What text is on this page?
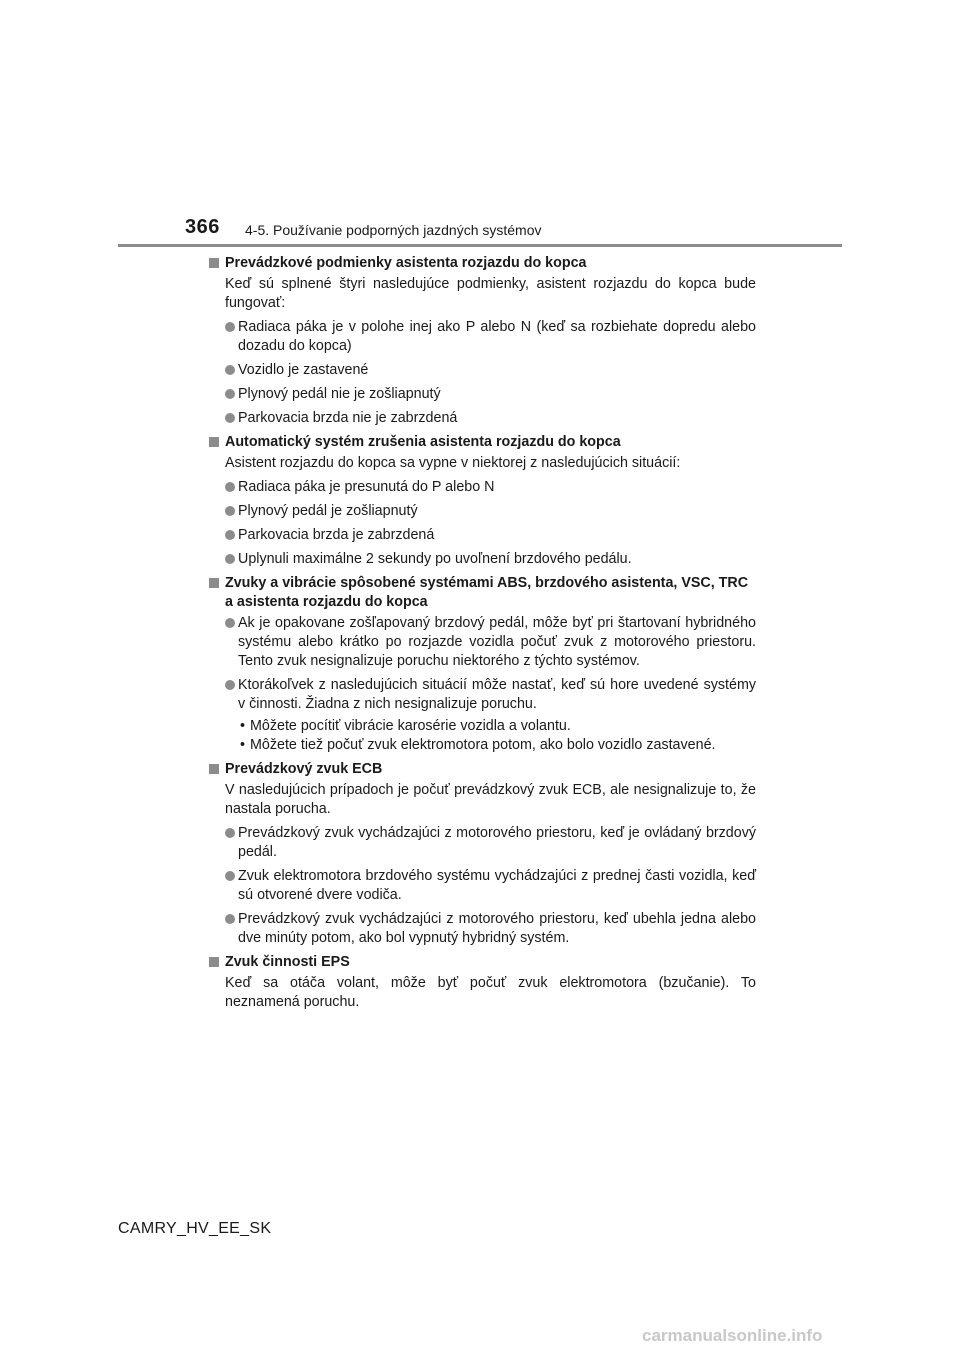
366 4-5. Používanie podporných jazdných systémov
Prevádzkové podmienky asistenta rozjazdu do kopca
Keď sú splnené štyri nasledujúce podmienky, asistent rozjazdu do kopca bude fungovať:
Radiaca páka je v polohe inej ako P alebo N (keď sa rozbiehate dopredu alebo dozadu do kopca)
Vozidlo je zastavené
Plynový pedál nie je zošliapnutý
Parkovacia brzda nie je zabrzdená
Automatický systém zrušenia asistenta rozjazdu do kopca
Asistent rozjazdu do kopca sa vypne v niektorej z nasledujúcich situácií:
Radiaca páka je presunutá do P alebo N
Plynový pedál je zošliapnutý
Parkovacia brzda je zabrzdená
Uplynuli maximálne 2 sekundy po uvoľnení brzdového pedálu.
Zvuky a vibrácie spôsobené systémami ABS, brzdového asistenta, VSC, TRC a asistenta rozjazdu do kopca
Ak je opakovane zošľapovaný brzdový pedál, môže byť pri štartovaní hybridného systému alebo krátko po rozjazde vozidla počuť zvuk z motorového priestoru. Tento zvuk nesignalizuje poruchu niektorého z týchto systémov.
Ktorákoľvek z nasledujúcich situácií môže nastať, keď sú hore uvedené systémy v činnosti. Žiadna z nich nesignalizuje poruchu.
• Môžete pocítiť vibrácie karosérie vozidla a volantu.
• Môžete tiež počuť zvuk elektromotora potom, ako bolo vozidlo zastavené.
Prevádzkový zvuk ECB
V nasledujúcich prípadoch je počuť prevádzkový zvuk ECB, ale nesignalizuje to, že nastala porucha.
Prevádzkový zvuk vychádzajúci z motorového priestoru, keď je ovládaný brzdový pedál.
Zvuk elektromotora brzdového systému vychádzajúci z prednej časti vozidla, keď sú otvorené dvere vodiča.
Prevádzkový zvuk vychádzajúci z motorového priestoru, keď ubehla jedna alebo dve minúty potom, ako bol vypnutý hybridný systém.
Zvuk činnosti EPS
Keď sa otáča volant, môže byť počuť zvuk elektromotora (bzučanie). To neznamená poruchu.
CAMRY_HV_EE_SK
carmanualsonline.info
